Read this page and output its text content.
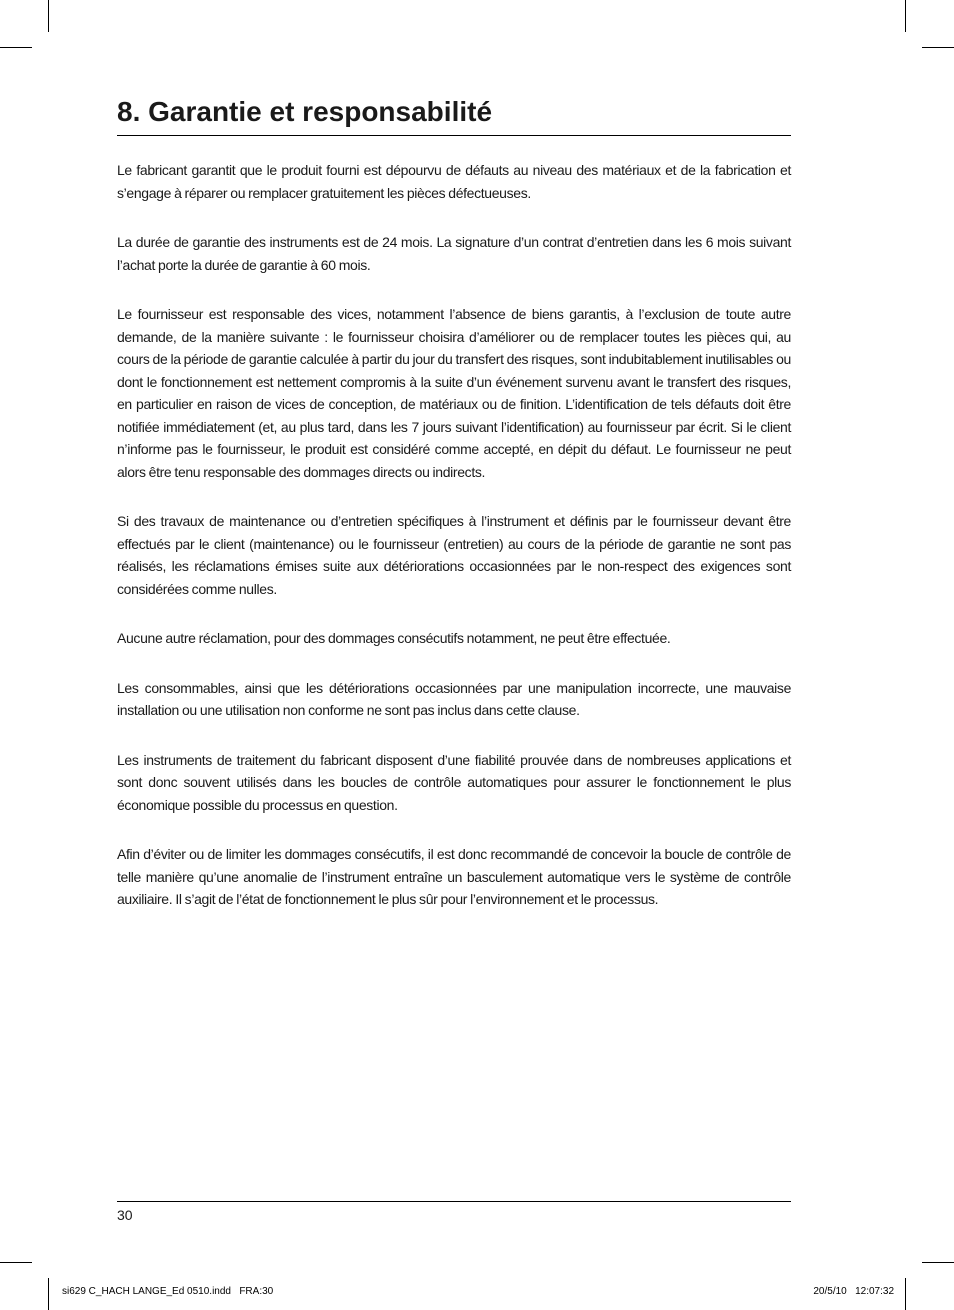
8. Garantie et responsabilité

Le fabricant garantit que le produit fourni est dépourvu de défauts au niveau des matériaux et de la fabrication et s’engage à réparer ou remplacer gratuitement les pièces défectueuses.

La durée de garantie des instruments est de 24 mois. La signature d’un contrat d’entretien dans les 6 mois suivant l’achat porte la durée de garantie à 60 mois.

Le fournisseur est responsable des vices, notamment l’absence de biens garantis, à l’exclusion de toute autre demande, de la manière suivante : le fournisseur choisira d’améliorer ou de remplacer toutes les pièces qui, au cours de la période de garantie calculée à partir du jour du transfert des risques, sont indubitablement inutilisables ou dont le fonctionnement est nettement compromis à la suite d’un événement survenu avant le transfert des risques, en particulier en raison de vices de conception, de matériaux ou de finition. L’identification de tels défauts doit être notifiée immédiatement (et, au plus tard, dans les 7 jours suivant l’identification) au fournisseur par écrit. Si le client n’informe pas le fournisseur, le produit est considéré comme accepté, en dépit du défaut. Le fournisseur ne peut alors être tenu responsable des dommages directs ou indirects.

Si des travaux de maintenance ou d’entretien spécifiques à l’instrument et définis par le fournisseur devant être effectués par le client (maintenance) ou le fournisseur (entretien) au cours de la période de garantie ne sont pas réalisés, les réclamations émises suite aux détériorations occasionnées par le non-respect des exigences sont considérées comme nulles.

Aucune autre réclamation, pour des dommages consécutifs notamment, ne peut être effectuée.

Les consommables, ainsi que les détériorations occasionnées par une manipulation incorrecte, une mauvaise installation ou une utilisation non conforme ne sont pas inclus dans cette clause.

Les instruments de traitement du fabricant disposent d’une fiabilité prouvée dans de nombreuses applications et sont donc souvent utilisés dans les boucles de contrôle automatiques pour assurer le fonctionnement le plus économique possible du processus en question.

Afin d’éviter ou de limiter les dommages consécutifs, il est donc recommandé de concevoir la boucle de contrôle de telle manière qu’une anomalie de l’instrument entraîne un basculement automatique vers le système de contrôle auxiliaire. Il s’agit de l’état de fonctionnement le plus sûr pour l’environnement et le processus.

30
si629 C_HACH LANGE_Ed 0510.indd   FRA:30	20/5/10   12:07:32
